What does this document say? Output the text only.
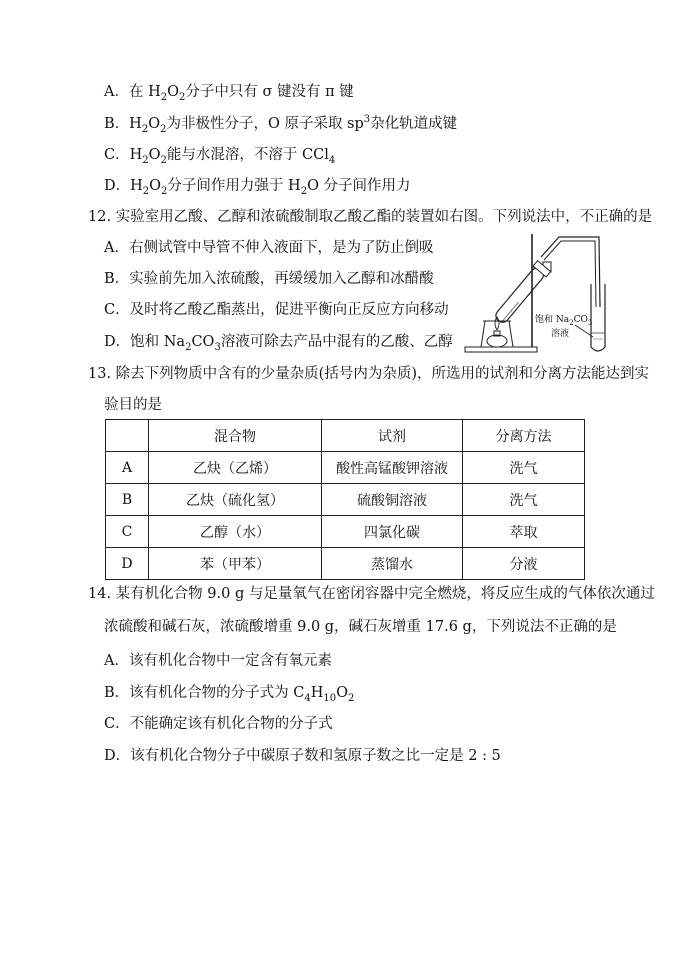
A．在 $H_2O_2$分子中只有 σ 键没有 π 键
B．$H_2O_2$为非极性分子，O 原子采取 $sp^3$杂化轨道成键
C．$H_2O_2$能与水混溶，不溶于 CCl$_4$
D．$H_2O_2$分子间作用力强于 $H_2O$ 分子间作用力
12. 实验室用乙酸、乙醇和浓硫酸制取乙酸乙酯的装置如右图。下列说法中，不正确的是
A．右侧试管中导管不伸入液面下，是为了防止倒吸
B．实验前先加入浓硫酸，再缓缓加入乙醇和冰醋酸
C．及时将乙酸乙酯蒸出，促进平衡向正反应方向移动
D．饱和 $Na_2CO_3$溶液可除去产品中混有的乙酸、乙醇
饱和 $Na_2CO_3$
溶液
13. 除去下列物质中含有的少量杂质(括号内为杂质)，所选用的试剂和分离方法能达到实
验目的是
	混合物	试剂	分离方法
A	乙炔（乙烯）	酸性高锰酸钾溶液	洗气
B	乙炔（硫化氢）	硫酸铜溶液	洗气
C	乙醇（水）	四氯化碳	萃取
D	苯（甲苯）	蒸馏水	分液
14. 某有机化合物 9.0 g 与足量氧气在密闭容器中完全燃烧，将反应生成的气体依次通过
浓硫酸和碱石灰，浓硫酸增重 9.0 g，碱石灰增重 17.6 g，下列说法不正确的是
A．该有机化合物中一定含有氧元素
B．该有机化合物的分子式为 $C_4H_{10}O_2$
C．不能确定该有机化合物的分子式
D．该有机化合物分子中碳原子数和氢原子数之比一定是 2 : 5
